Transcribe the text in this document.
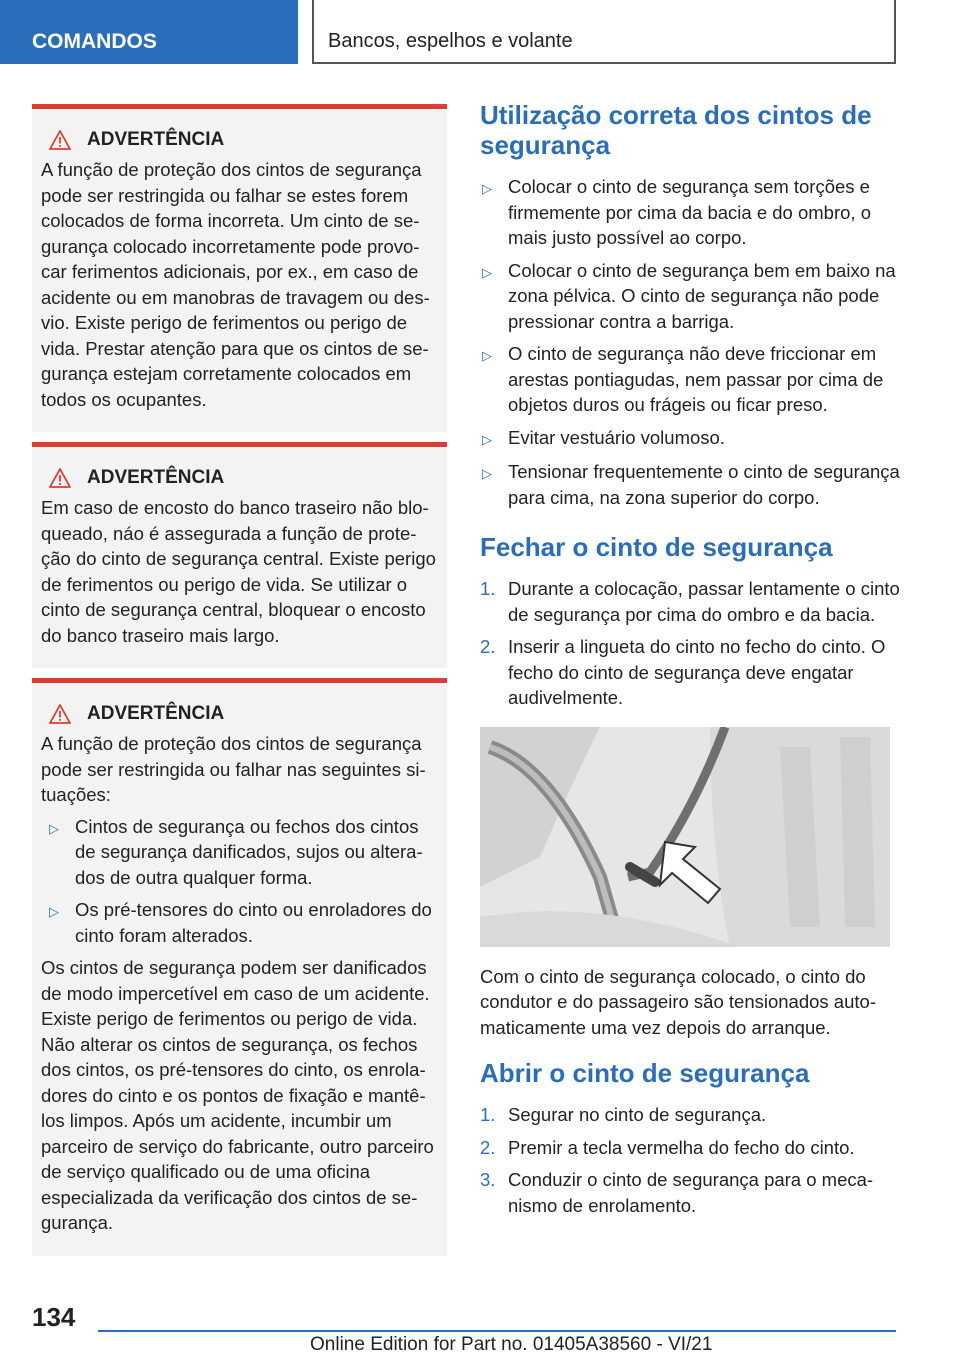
COMANDOS	Bancos, espelhos e volante
ADVERTÊNCIA

A função de proteção dos cintos de segurança pode ser restringida ou falhar se estes forem colocados de forma incorreta. Um cinto de segurança colocado incorretamente pode provocar ferimentos adicionais, por ex., em caso de acidente ou em manobras de travagem ou desvio. Existe perigo de ferimentos ou perigo de vida. Prestar atenção para que os cintos de segurança estejam corretamente colocados em todos os ocupantes.

ADVERTÊNCIA

Em caso de encosto do banco traseiro não bloqueado, náo é assegurada a função de proteção do cinto de segurança central. Existe perigo de ferimentos ou perigo de vida. Se utilizar o cinto de segurança central, bloquear o encosto do banco traseiro mais largo.

ADVERTÊNCIA

A função de proteção dos cintos de segurança pode ser restringida ou falhar nas seguintes situações:

▷ Cintos de segurança ou fechos dos cintos de segurança danificados, sujos ou alterados de outra qualquer forma.
▷ Os pré-tensores do cinto ou enroladores do cinto foram alterados.

Os cintos de segurança podem ser danificados de modo impercetível em caso de um acidente. Existe perigo de ferimentos ou perigo de vida. Não alterar os cintos de segurança, os fechos dos cintos, os pré-tensores do cinto, os enroladores do cinto e os pontos de fixação e mantê-los limpos. Após um acidente, incumbir um parceiro de serviço do fabricante, outro parceiro de serviço qualificado ou de uma oficina especializada da verificação dos cintos de segurança.

Utilização correta dos cintos de segurança
▷ Colocar o cinto de segurança sem torções e firmemente por cima da bacia e do ombro, o mais justo possível ao corpo.
▷ Colocar o cinto de segurança bem em baixo na zona pélvica. O cinto de segurança não pode pressionar contra a barriga.
▷ O cinto de segurança não deve friccionar em arestas pontiagudas, nem passar por cima de objetos duros ou frágeis ou ficar preso.
▷ Evitar vestuário volumoso.
▷ Tensionar frequentemente o cinto de segurança para cima, na zona superior do corpo.
Fechar o cinto de segurança
1. Durante a colocação, passar lentamente o cinto de segurança por cima do ombro e da bacia.
2. Inserir a lingueta do cinto no fecho do cinto. O fecho do cinto de segurança deve engatar audivelmente.

Com o cinto de segurança colocado, o cinto do condutor e do passageiro são tensionados automaticamente uma vez depois do arranque.

Abrir o cinto de segurança
1. Segurar no cinto de segurança.
2. Premir a tecla vermelha do fecho do cinto.
3. Conduzir o cinto de segurança para o mecanismo de enrolamento.
134
Online Edition for Part no. 01405A38560 - VI/21
